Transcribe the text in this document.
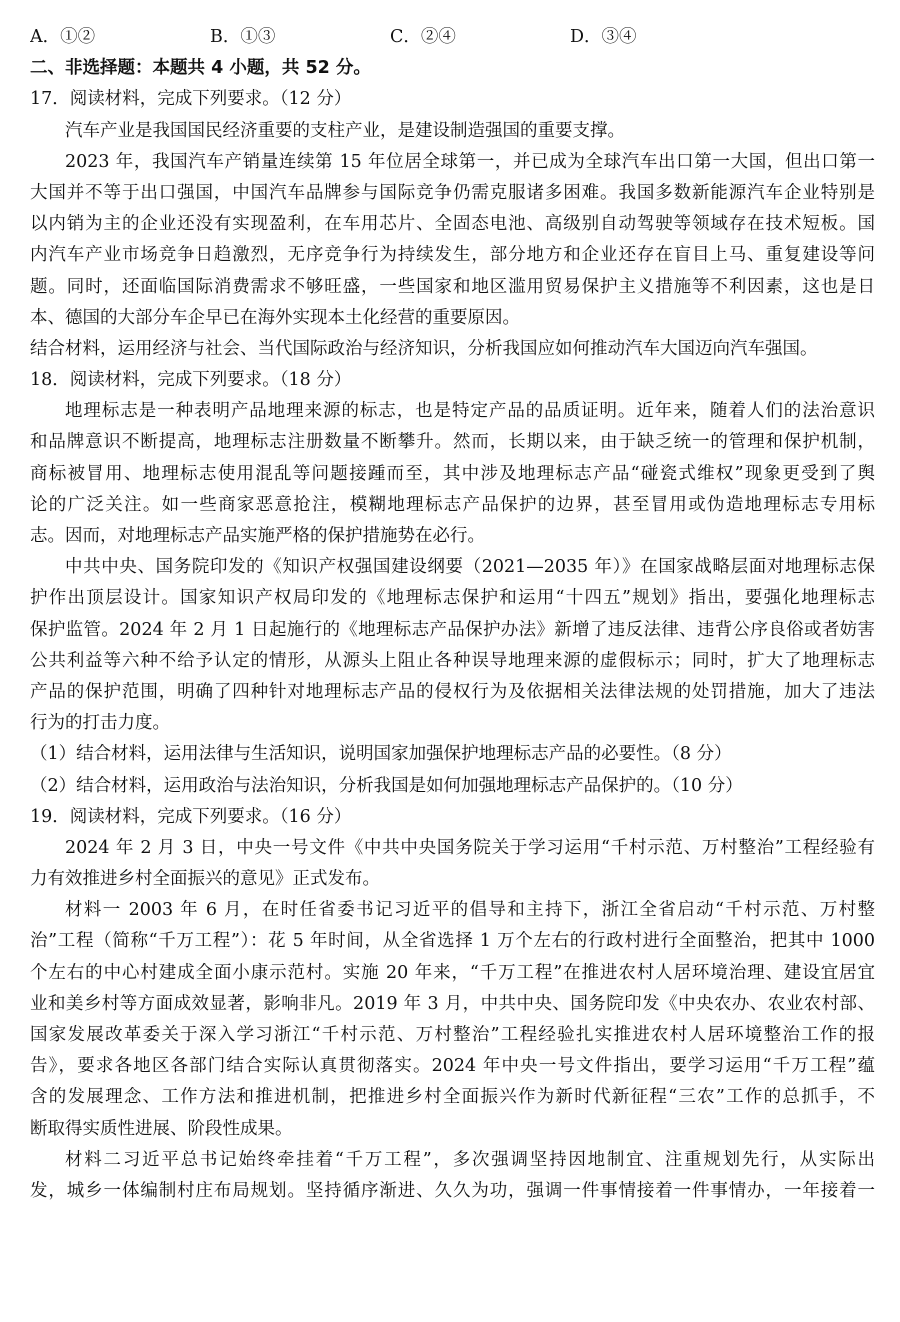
A．①②	B．①③	C．②④	D．③④
二、非选择题：本题共 4 小题，共 52 分。
17．阅读材料，完成下列要求。（12 分）
汽车产业是我国国民经济重要的支柱产业，是建设制造强国的重要支撑。
2023 年，我国汽车产销量连续第 15 年位居全球第一，并已成为全球汽车出口第一大国，但出口第一
大国并不等于出口强国，中国汽车品牌参与国际竞争仍需克服诸多困难。我国多数新能源汽车企业特别是
以内销为主的企业还没有实现盈利，在车用芯片、全固态电池、高级别自动驾驶等领域存在技术短板。国
内汽车产业市场竞争日趋激烈，无序竞争行为持续发生，部分地方和企业还存在盲目上马、重复建设等问
题。同时，还面临国际消费需求不够旺盛，一些国家和地区滥用贸易保护主义措施等不利因素，这也是日
本、德国的大部分车企早已在海外实现本土化经营的重要原因。
结合材料，运用经济与社会、当代国际政治与经济知识，分析我国应如何推动汽车大国迈向汽车强国。
18．阅读材料，完成下列要求。（18 分）
地理标志是一种表明产品地理来源的标志，也是特定产品的品质证明。近年来，随着人们的法治意识
和品牌意识不断提高，地理标志注册数量不断攀升。然而，长期以来，由于缺乏统一的管理和保护机制，
商标被冒用、地理标志使用混乱等问题接踵而至，其中涉及地理标志产品“碰瓷式维权”现象更受到了舆
论的广泛关注。如一些商家恶意抢注，模糊地理标志产品保护的边界，甚至冒用或伪造地理标志专用标
志。因而，对地理标志产品实施严格的保护措施势在必行。
中共中央、国务院印发的《知识产权强国建设纲要（2021—2035 年）》在国家战略层面对地理标志保
护作出顶层设计。国家知识产权局印发的《地理标志保护和运用“十四五”规划》指出，要强化地理标志
保护监管。2024 年 2 月 1 日起施行的《地理标志产品保护办法》新增了违反法律、违背公序良俗或者妨害
公共利益等六种不给予认定的情形，从源头上阻止各种误导地理来源的虚假标示；同时，扩大了地理标志
产品的保护范围，明确了四种针对地理标志产品的侵权行为及依据相关法律法规的处罚措施，加大了违法
行为的打击力度。
（1）结合材料，运用法律与生活知识，说明国家加强保护地理标志产品的必要性。（8 分）
（2）结合材料，运用政治与法治知识，分析我国是如何加强地理标志产品保护的。（10 分）
19．阅读材料，完成下列要求。（16 分）
2024 年 2 月 3 日，中央一号文件《中共中央国务院关于学习运用“千村示范、万村整治”工程经验有
力有效推进乡村全面振兴的意见》正式发布。
材料一 2003 年 6 月，在时任省委书记习近平的倡导和主持下，浙江全省启动“千村示范、万村整
治”工程（简称“千万工程”）：花 5 年时间，从全省选择 1 万个左右的行政村进行全面整治，把其中 1000
个左右的中心村建成全面小康示范村。实施 20 年来，“千万工程”在推进农村人居环境治理、建设宜居宜
业和美乡村等方面成效显著，影响非凡。2019 年 3 月，中共中央、国务院印发《中央农办、农业农村部、
国家发展改革委关于深入学习浙江“千村示范、万村整治”工程经验扎实推进农村人居环境整治工作的报
告》，要求各地区各部门结合实际认真贯彻落实。2024 年中央一号文件指出，要学习运用“千万工程”蕴
含的发展理念、工作方法和推进机制，把推进乡村全面振兴作为新时代新征程“三农”工作的总抓手，不
断取得实质性进展、阶段性成果。
材料二习近平总书记始终牵挂着“千万工程”，多次强调坚持因地制宜、注重规划先行，从实际出
发，城乡一体编制村庄布局规划。坚持循序渐进、久久为功，强调一件事情接着一件事情办，一年接着一
